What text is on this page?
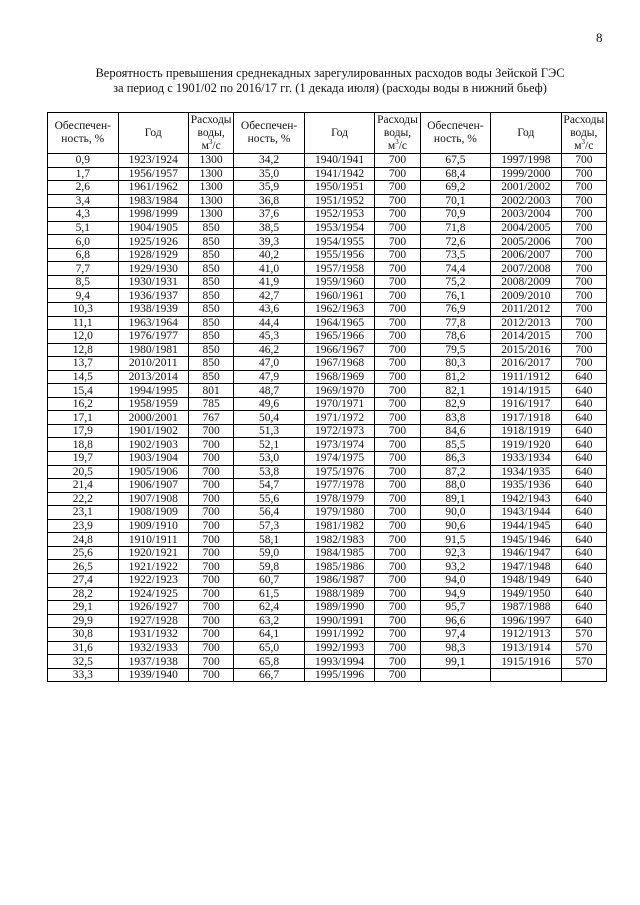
8
Вероятность превышения среднекадных зарегулированных расходов воды Зейской ГЭС
за период с 1901/02 по 2016/17 гг. (1 декада июля) (расходы воды в нижний бьеф)
Обеспечен-
ность, %	Год	Расходы
воды,
$м^3/с$	Обеспечен-
ность, %	Год	Расходы
воды,
$м^3/с$	Обеспечен-
ность, %	Год	Расходы
воды,
$м^3/с$
0,9	1923/1924	1300	34,2	1940/1941	700	67,5	1997/1998	700
1,7	1956/1957	1300	35,0	1941/1942	700	68,4	1999/2000	700
2,6	1961/1962	1300	35,9	1950/1951	700	69,2	2001/2002	700
3,4	1983/1984	1300	36,8	1951/1952	700	70,1	2002/2003	700
4,3	1998/1999	1300	37,6	1952/1953	700	70,9	2003/2004	700
5,1	1904/1905	850	38,5	1953/1954	700	71,8	2004/2005	700
6,0	1925/1926	850	39,3	1954/1955	700	72,6	2005/2006	700
6,8	1928/1929	850	40,2	1955/1956	700	73,5	2006/2007	700
7,7	1929/1930	850	41,0	1957/1958	700	74,4	2007/2008	700
8,5	1930/1931	850	41,9	1959/1960	700	75,2	2008/2009	700
9,4	1936/1937	850	42,7	1960/1961	700	76,1	2009/2010	700
10,3	1938/1939	850	43,6	1962/1963	700	76,9	2011/2012	700
11,1	1963/1964	850	44,4	1964/1965	700	77,8	2012/2013	700
12,0	1976/1977	850	45,3	1965/1966	700	78,6	2014/2015	700
12,8	1980/1981	850	46,2	1966/1967	700	79,5	2015/2016	700
13,7	2010/2011	850	47,0	1967/1968	700	80,3	2016/2017	700
14,5	2013/2014	850	47,9	1968/1969	700	81,2	1911/1912	640
15,4	1994/1995	801	48,7	1969/1970	700	82,1	1914/1915	640
16,2	1958/1959	785	49,6	1970/1971	700	82,9	1916/1917	640
17,1	2000/2001	767	50,4	1971/1972	700	83,8	1917/1918	640
17,9	1901/1902	700	51,3	1972/1973	700	84,6	1918/1919	640
18,8	1902/1903	700	52,1	1973/1974	700	85,5	1919/1920	640
19,7	1903/1904	700	53,0	1974/1975	700	86,3	1933/1934	640
20,5	1905/1906	700	53,8	1975/1976	700	87,2	1934/1935	640
21,4	1906/1907	700	54,7	1977/1978	700	88,0	1935/1936	640
22,2	1907/1908	700	55,6	1978/1979	700	89,1	1942/1943	640
23,1	1908/1909	700	56,4	1979/1980	700	90,0	1943/1944	640
23,9	1909/1910	700	57,3	1981/1982	700	90,6	1944/1945	640
24,8	1910/1911	700	58,1	1982/1983	700	91,5	1945/1946	640
25,6	1920/1921	700	59,0	1984/1985	700	92,3	1946/1947	640
26,5	1921/1922	700	59,8	1985/1986	700	93,2	1947/1948	640
27,4	1922/1923	700	60,7	1986/1987	700	94,0	1948/1949	640
28,2	1924/1925	700	61,5	1988/1989	700	94,9	1949/1950	640
29,1	1926/1927	700	62,4	1989/1990	700	95,7	1987/1988	640
29,9	1927/1928	700	63,2	1990/1991	700	96,6	1996/1997	640
30,8	1931/1932	700	64,1	1991/1992	700	97,4	1912/1913	570
31,6	1932/1933	700	65,0	1992/1993	700	98,3	1913/1914	570
32,5	1937/1938	700	65,8	1993/1994	700	99,1	1915/1916	570
33,3	1939/1940	700	66,7	1995/1996	700			
